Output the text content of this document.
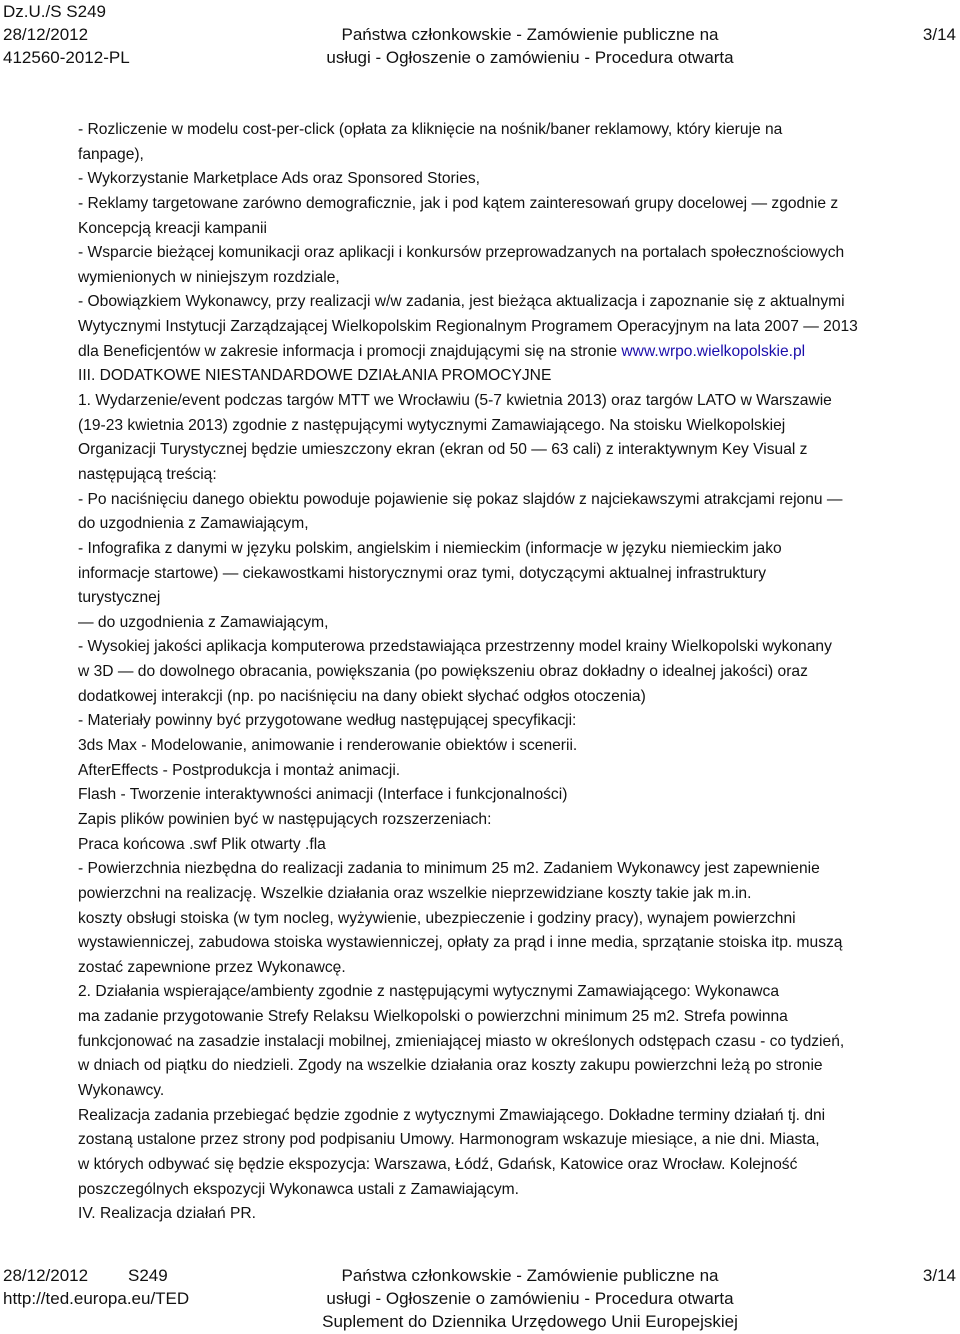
Dz.U./S S249
28/12/2012	Państwa członkowskie - Zamówienie publiczne na	3/14
412560-2012-PL	usługi - Ogłoszenie o zamówieniu - Procedura otwarta
- Rozliczenie w modelu cost-per-click (opłata za kliknięcie na nośnik/baner reklamowy, który kieruje na
fanpage),
- Wykorzystanie Marketplace Ads oraz Sponsored Stories,
- Reklamy targetowane zarówno demograficznie, jak i pod kątem zainteresowań grupy docelowej — zgodnie z
Koncepcją kreacji kampanii
- Wsparcie bieżącej komunikacji oraz aplikacji i konkursów przeprowadzanych na portalach społecznościowych
wymienionych w niniejszym rozdziale,
- Obowiązkiem Wykonawcy, przy realizacji w/w zadania, jest bieżąca aktualizacja i zapoznanie się z aktualnymi
Wytycznymi Instytucji Zarządzającej Wielkopolskim Regionalnym Programem Operacyjnym na lata 2007 — 2013
dla Beneficjentów w zakresie informacja i promocji znajdującymi się na stronie www.wrpo.wielkopolskie.pl
III. DODATKOWE NIESTANDARDOWE DZIAŁANIA PROMOCYJNE
1. Wydarzenie/event podczas targów MTT we Wrocławiu (5-7 kwietnia 2013) oraz targów LATO w Warszawie
(19-23 kwietnia 2013) zgodnie z następującymi wytycznymi Zamawiającego. Na stoisku Wielkopolskiej
Organizacji Turystycznej będzie umieszczony ekran (ekran od 50 — 63 cali) z interaktywnym Key Visual z
następującą treścią:
- Po naciśnięciu danego obiektu powoduje pojawienie się pokaz slajdów z najciekawszymi atrakcjami rejonu —
do uzgodnienia z Zamawiającym,
- Infografika z danymi w języku polskim, angielskim i niemieckim (informacje w języku niemieckim jako
informacje startowe) — ciekawostkami historycznymi oraz tymi, dotyczącymi aktualnej infrastruktury
turystycznej
— do uzgodnienia z Zamawiającym,
- Wysokiej jakości aplikacja komputerowa przedstawiająca przestrzenny model krainy Wielkopolski wykonany
w 3D — do dowolnego obracania, powiększania (po powiększeniu obraz dokładny o idealnej jakości) oraz
dodatkowej interakcji (np. po naciśnięciu na dany obiekt słychać odgłos otoczenia)
- Materiały powinny być przygotowane według następującej specyfikacji:
3ds Max - Modelowanie, animowanie i renderowanie obiektów i scenerii.
AfterEffects - Postprodukcja i montaż animacji.
Flash - Tworzenie interaktywności animacji (Interface i funkcjonalności)
Zapis plików powinien być w następujących rozszerzeniach:
Praca końcowa .swf Plik otwarty .fla
- Powierzchnia niezbędna do realizacji zadania to minimum 25 m2. Zadaniem Wykonawcy jest zapewnienie
powierzchni na realizację. Wszelkie działania oraz wszelkie nieprzewidziane koszty takie jak m.in.
koszty obsługi stoiska (w tym nocleg, wyżywienie, ubezpieczenie i godziny pracy), wynajem powierzchni
wystawienniczej, zabudowa stoiska wystawienniczej, opłaty za prąd i inne media, sprzątanie stoiska itp. muszą
zostać zapewnione przez Wykonawcę.
2. Działania wspierające/ambienty zgodnie z następującymi wytycznymi Zamawiającego: Wykonawca
ma zadanie przygotowanie Strefy Relaksu Wielkopolski o powierzchni minimum 25 m2. Strefa powinna
funkcjonować na zasadzie instalacji mobilnej, zmieniającej miasto w określonych odstępach czasu - co tydzień,
w dniach od piątku do niedzieli. Zgody na wszelkie działania oraz koszty zakupu powierzchni leżą po stronie
Wykonawcy.
Realizacja zadania przebiegać będzie zgodnie z wytycznymi Zmawiającego. Dokładne terminy działań tj. dni
zostaną ustalone przez strony pod podpisaniu Umowy. Harmonogram wskazuje miesiące, a nie dni. Miasta,
w których odbywać się będzie ekspozycja: Warszawa, Łódź, Gdańsk, Katowice oraz Wrocław. Kolejność
poszczególnych ekspozycji Wykonawca ustali z Zamawiającym.
IV. Realizacja działań PR.
28/12/2012 S249	Państwa członkowskie - Zamówienie publiczne na	3/14
http://ted.europa.eu/TED	usługi - Ogłoszenie o zamówieniu - Procedura otwarta
Suplement do Dziennika Urzędowego Unii Europejskiej
